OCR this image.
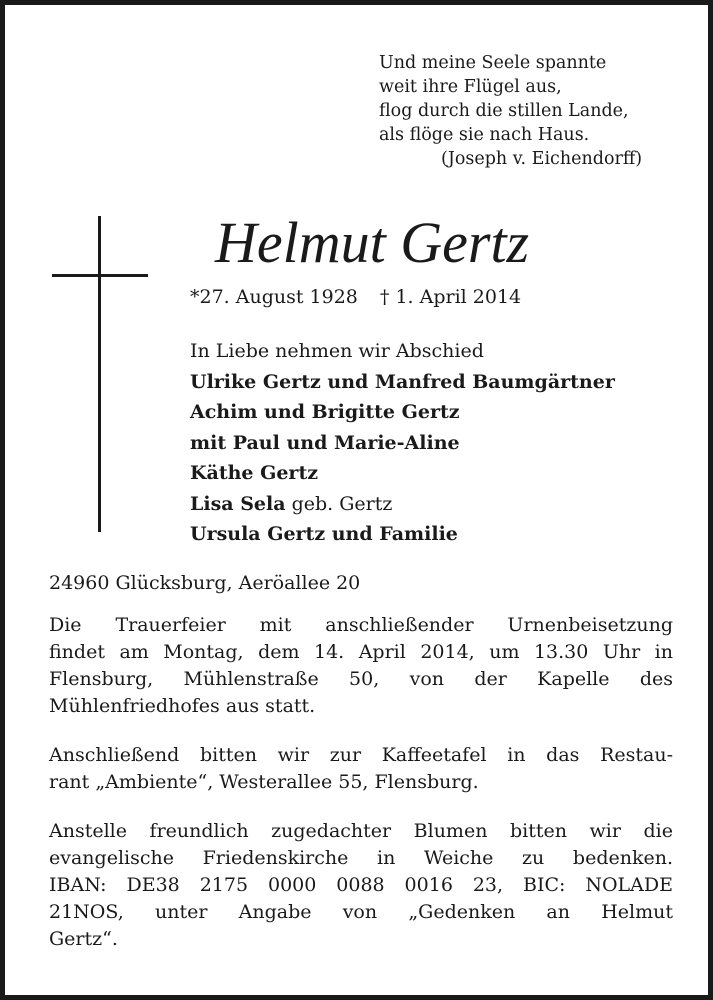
Und meine Seele spannte
weit ihre Flügel aus,
flog durch die stillen Lande,
als flöge sie nach Haus.
(Joseph v. Eichendorff)
Helmut Gertz
*27. August 1928 † 1. April 2014
In Liebe nehmen wir Abschied
Ulrike Gertz und Manfred Baumgärtner
Achim und Brigitte Gertz
mit Paul und Marie-Aline
Käthe Gertz
Lisa Sela geb. Gertz
Ursula Gertz und Familie
24960 Glücksburg, Aeröallee 20
Die Trauerfeier mit anschließender Urnenbeisetzung
findet am Montag, dem 14. April 2014, um 13.30 Uhr in
Flensburg, Mühlenstraße 50, von der Kapelle des
Mühlenfriedhofes aus statt.
Anschließend bitten wir zur Kaffeetafel in das Restau-
rant „Ambiente“, Westerallee 55, Flensburg.
Anstelle freundlich zugedachter Blumen bitten wir die
evangelische Friedenskirche in Weiche zu bedenken.
IBAN: DE38 2175 0000 0088 0016 23, BIC: NOLADE
21NOS, unter Angabe von „Gedenken an Helmut
Gertz“.
